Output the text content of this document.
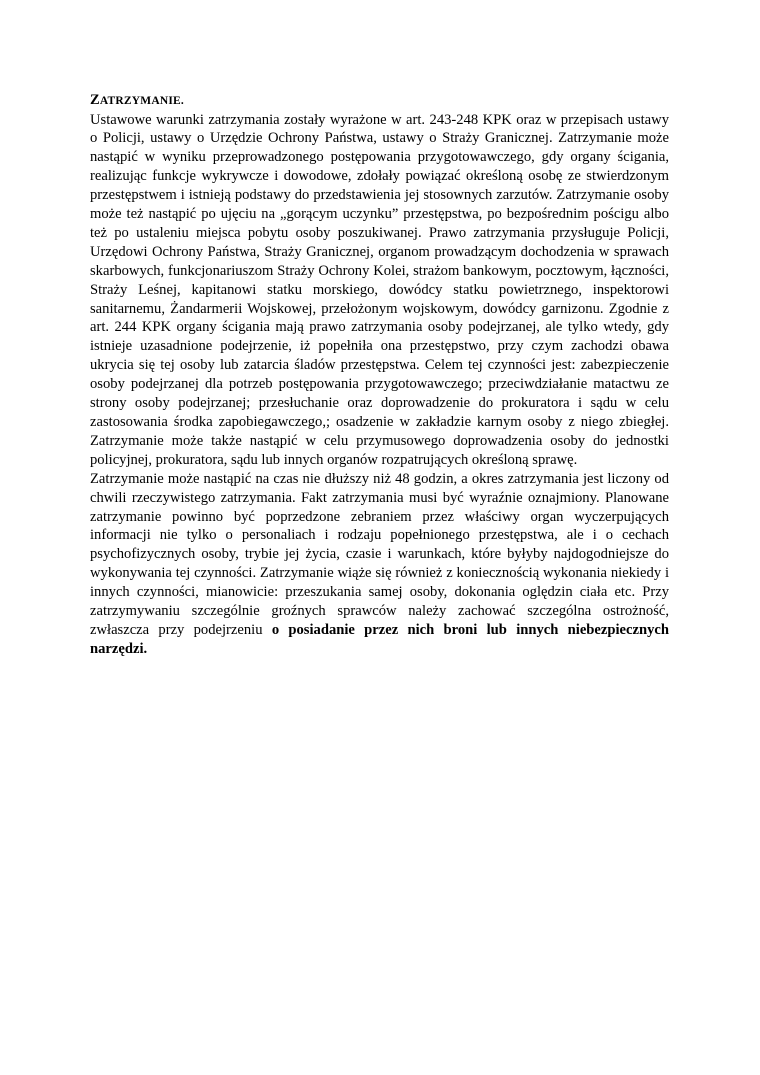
ZATRZYMANIE.

Ustawowe warunki zatrzymania zostały wyrażone w art. 243-248 KPK oraz w przepisach ustawy o Policji, ustawy o Urzędzie Ochrony Państwa, ustawy o Straży Granicznej. Zatrzymanie może nastąpić w wyniku przeprowadzonego postępowania przygotowawczego, gdy organy ścigania, realizując funkcje wykrywcze i dowodowe, zdołały powiązać określoną osobę ze stwierdzonym przestępstwem i istnieją podstawy do przedstawienia jej stosownych zarzutów. Zatrzymanie osoby może też nastąpić po ujęciu na „gorącym uczynku” przestępstwa, po bezpośrednim pościgu albo też po ustaleniu miejsca pobytu osoby poszukiwanej. Prawo zatrzymania przysługuje Policji, Urzędowi Ochrony Państwa, Straży Granicznej, organom prowadzącym dochodzenia w sprawach skarbowych, funkcjonariuszom Straży Ochrony Kolei, strażom bankowym, pocztowym, łączności, Straży Leśnej, kapitanowi statku morskiego, dowódcy statku powietrznego, inspektorowi sanitarnemu, Żandarmerii Wojskowej, przełożonym wojskowym, dowódcy garnizonu. Zgodnie z art. 244 KPK organy ścigania mają prawo zatrzymania osoby podejrzanej, ale tylko wtedy, gdy istnieje uzasadnione podejrzenie, iż popełniła ona przestępstwo, przy czym zachodzi obawa ukrycia się tej osoby lub zatarcia śladów przestępstwa. Celem tej czynności jest: zabezpieczenie osoby podejrzanej dla potrzeb postępowania przygotowawczego; przeciwdziałanie matactwu ze strony osoby podejrzanej; przesłuchanie oraz doprowadzenie do prokuratora i sądu w celu zastosowania środka zapobiegawczego,; osadzenie w zakładzie karnym osoby z niego zbiegłej. Zatrzymanie może także nastąpić w celu przymusowego doprowadzenia osoby do jednostki policyjnej, prokuratora, sądu lub innych organów rozpatrujących określoną sprawę.

Zatrzymanie może nastąpić na czas nie dłuższy niż 48 godzin, a okres zatrzymania jest liczony od chwili rzeczywistego zatrzymania. Fakt zatrzymania musi być wyraźnie oznajmiony. Planowane zatrzymanie powinno być poprzedzone zebraniem przez właściwy organ wyczerpujących informacji nie tylko o personaliach i rodzaju popełnionego przestępstwa, ale i o cechach psychofizycznych osoby, trybie jej życia, czasie i warunkach, które byłyby najdogodniejsze do wykonywania tej czynności. Zatrzymanie wiąże się również z koniecznością wykonania niekiedy i innych czynności, mianowicie: przeszukania samej osoby, dokonania oględzin ciała etc. Przy zatrzymywaniu szczególnie groźnych sprawców należy zachować szczególna ostrożność, zwłaszcza przy podejrzeniu o posiadanie przez nich broni lub innych niebezpiecznych narzędzi.
